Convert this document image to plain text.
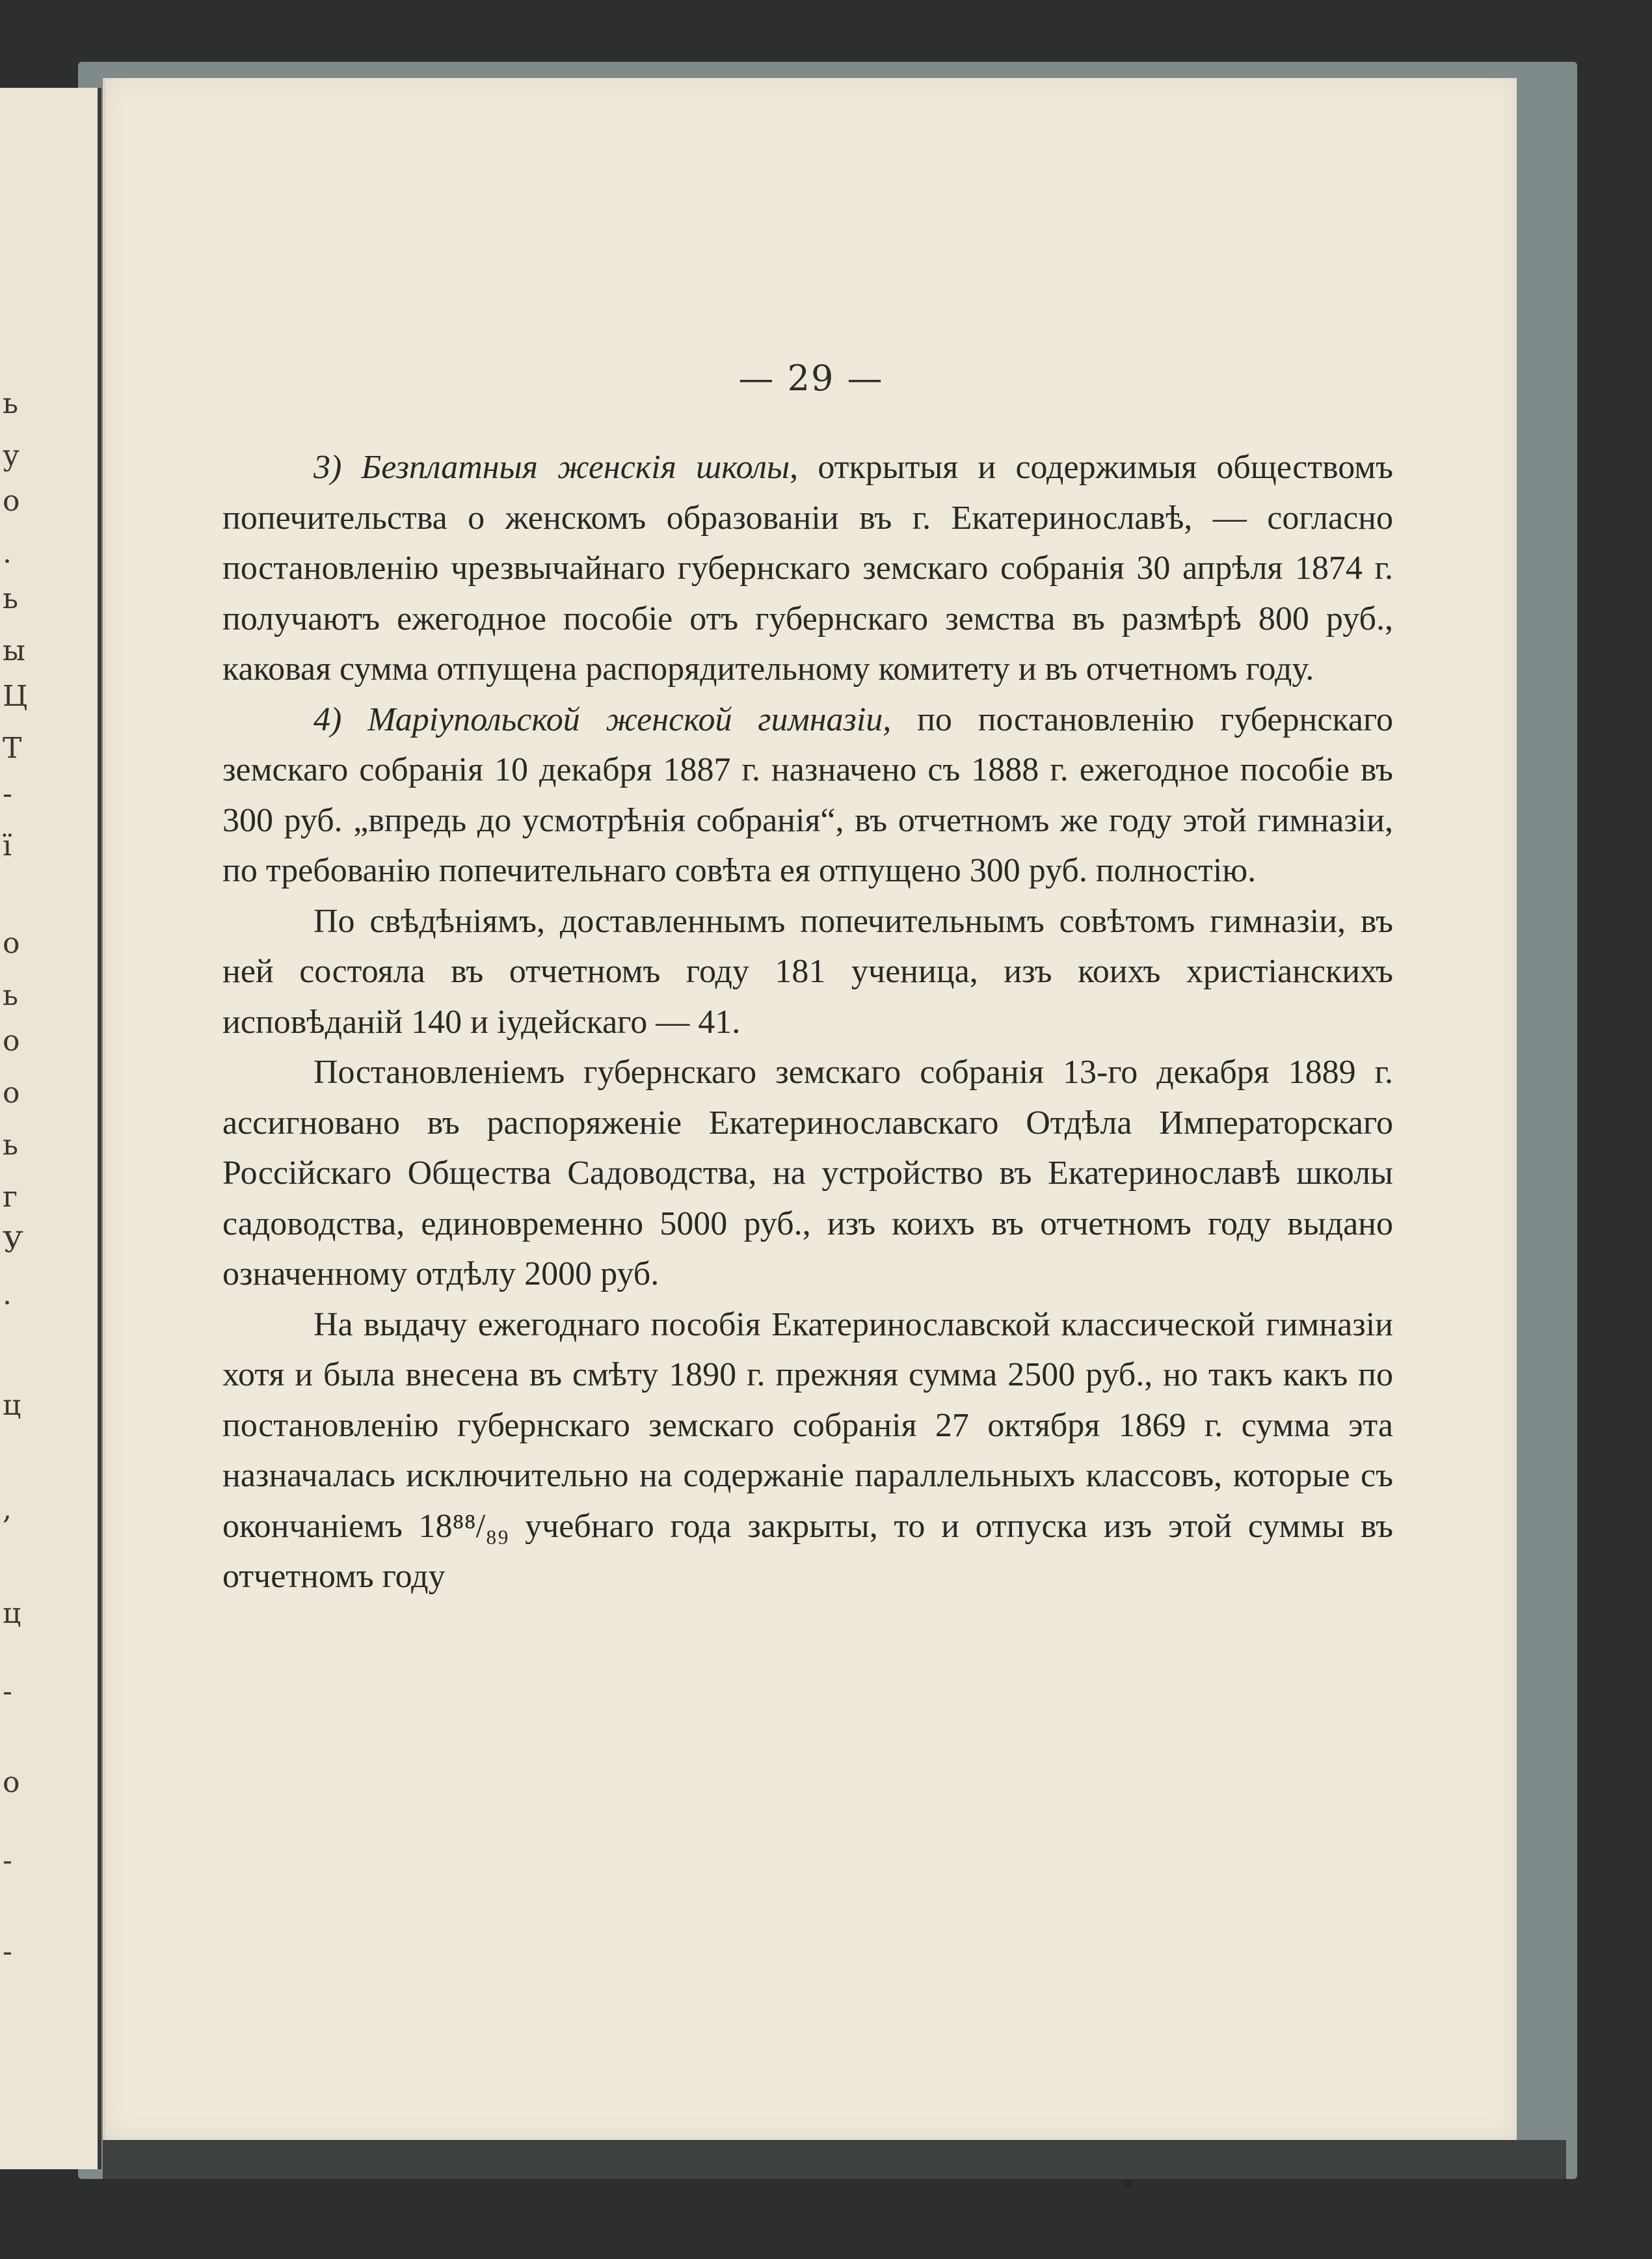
ь
у
о
.
ь
ы
Ц
Т
-
ї
о
ь
о
о
ь
г
У
.
ц
,
ц
-
о
-
-
— 29 —

3) Безплатныя женскія школы, открытыя и содержимыя обществомъ попечительства о женскомъ образованіи въ г. Екатеринославѣ, — согласно постановленію чрезвычайнаго губернскаго земскаго собранія 30 апрѣля 1874 г. получаютъ ежегодное пособіе отъ губернскаго земства въ размѣрѣ 800 руб., каковая сумма отпущена распорядительному комитету и въ отчетномъ году.

4) Маріупольской женской гимназіи, по постановленію губернскаго земскаго собранія 10 декабря 1887 г. назначено съ 1888 г. ежегодное пособіе въ 300 руб. „впредь до усмотрѣнія собранія“, въ отчетномъ же году этой гимназіи, по требованію попечительнаго совѣта ея отпущено 300 руб. полностію.

По свѣдѣніямъ, доставленнымъ попечительнымъ совѣтомъ гимназіи, въ ней состояла въ отчетномъ году 181 ученица, изъ коихъ христіанскихъ исповѣданій 140 и іудейскаго — 41.

Постановленіемъ губернскаго земскаго собранія 13-го декабря 1889 г. ассигновано въ распоряженіе Екатеринославскаго Отдѣла Императорскаго Россійскаго Общества Садоводства, на устройство въ Екатеринославѣ школы садоводства, единовременно 5000 руб., изъ коихъ въ отчетномъ году выдано означенному отдѣлу 2000 руб.

На выдачу ежегоднаго пособія Екатеринославской классической гимназіи хотя и была внесена въ смѣту 1890 г. прежняя сумма 2500 руб., но такъ какъ по постановленію губернскаго земскаго собранія 27 октября 1869 г. сумма эта назначалась исключительно на содержаніе параллельныхъ классовъ, которые съ окончаніемъ 18⁸⁸/₈₉ учебнаго года закрыты, то и отпуска изъ этой суммы въ отчетномъ году
